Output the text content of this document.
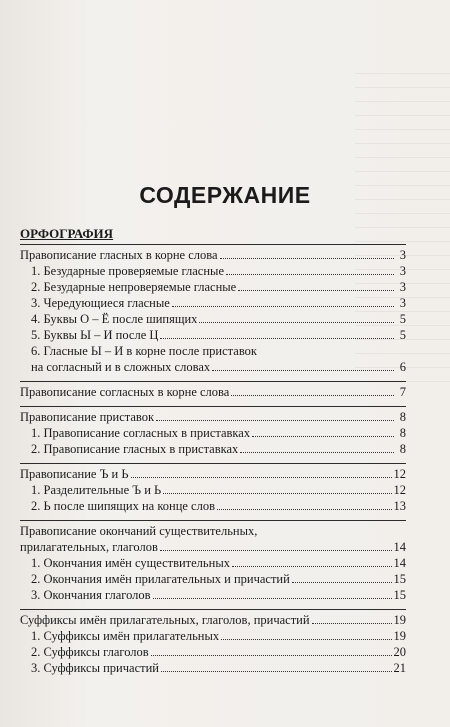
СОДЕРЖАНИЕ
ОРФОГРАФИЯ
Правописание гласных в корне слова	3
1. Безударные проверяемые гласные	3
2. Безударные непроверяемые гласные	3
3. Чередующиеся гласные	3
4. Буквы О – Ё после шипящих	5
5. Буквы Ы – И после Ц	5
6. Гласные Ы – И в корне после приставок
на согласный и в сложных словах	6
Правописание согласных в корне слова	7
Правописание приставок	8
1. Правописание согласных в приставках	8
2. Правописание гласных в приставках	8
Правописание Ъ и Ь	12
1. Разделительные Ъ и Ь	12
2. Ь после шипящих на конце слов	13
Правописание окончаний существительных,
прилагательных, глаголов	14
1. Окончания имён существительных	14
2. Окончания имён прилагательных и причастий	15
3. Окончания глаголов	15
Суффиксы имён прилагательных, глаголов, причастий	19
1. Суффиксы имён прилагательных	19
2. Суффиксы глаголов	20
3. Суффиксы причастий	21
